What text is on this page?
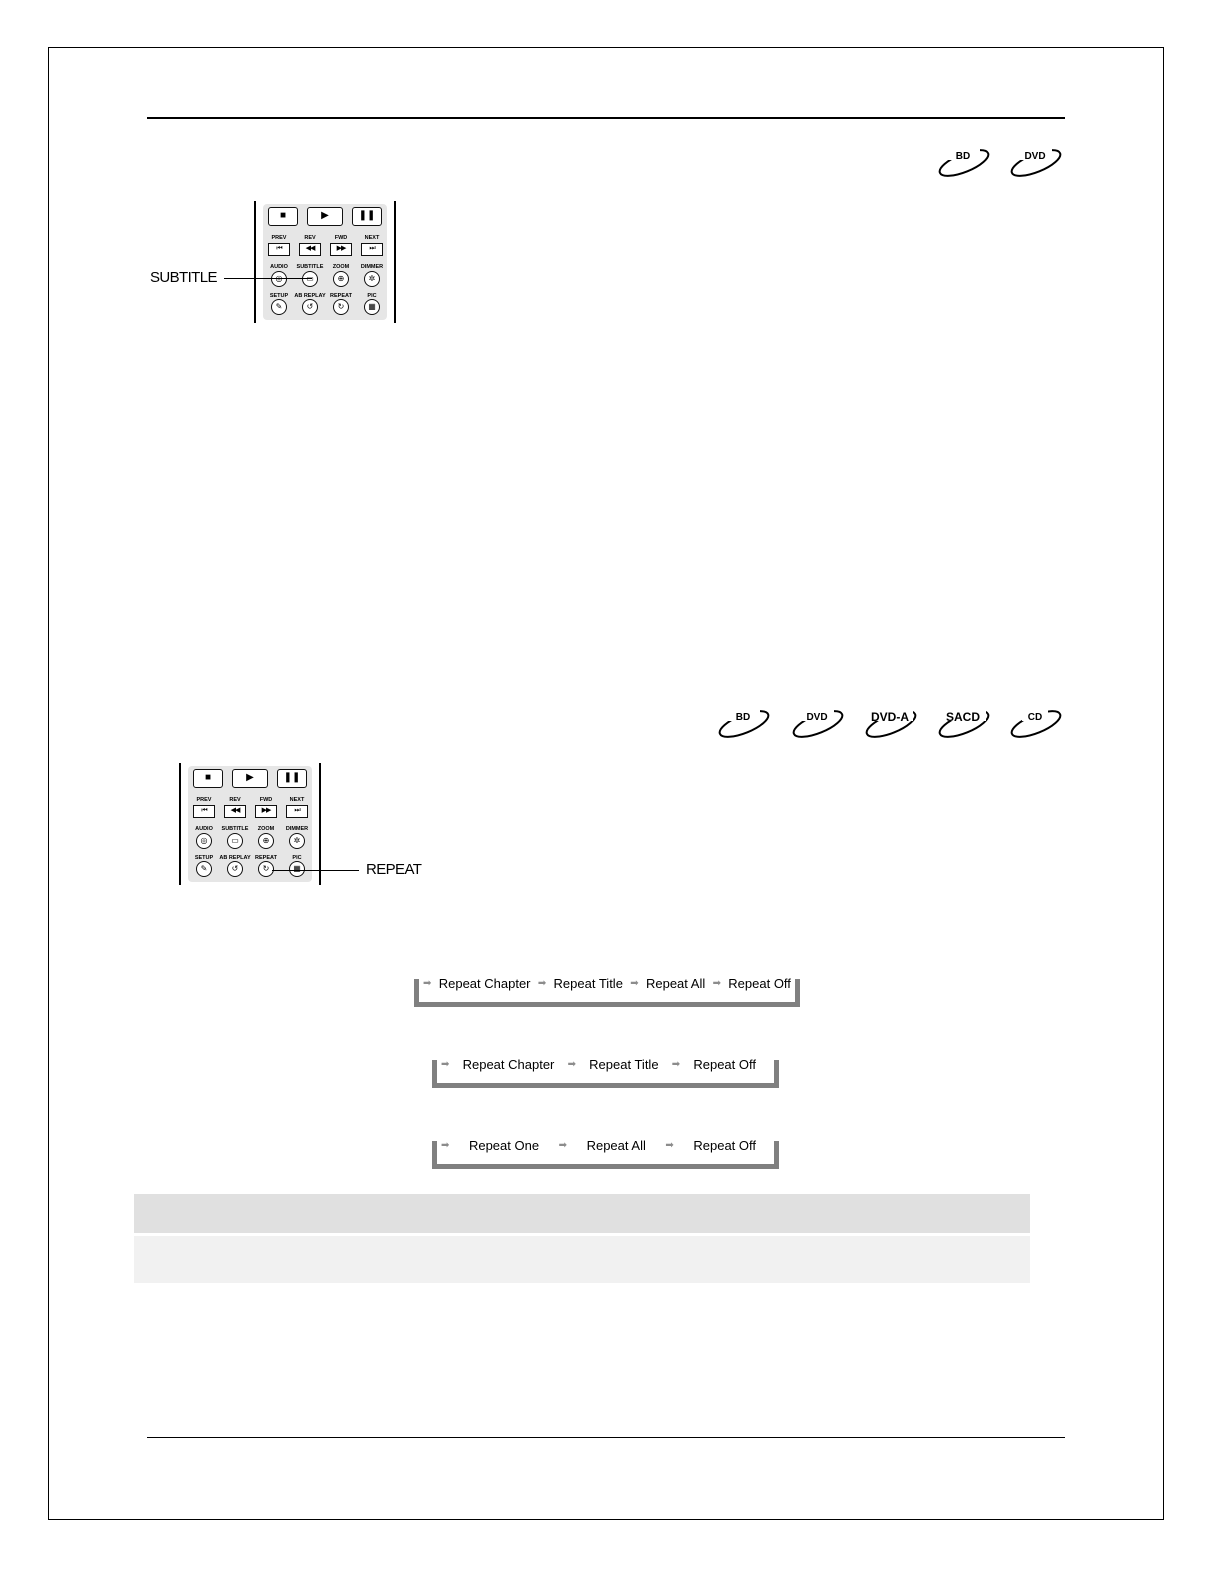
BD	DVD
■	▶	❚❚
PREV	REV	FWD	NEXT
⏮	◀◀	▶▶	⏭
AUDIO	SUBTITLE	ZOOM	DIMMER
◎	▭	⊕	✲
SETUP	AB REPLAY REPEAT	PIC
✎	↺	↻	▦
SUBTITLE
BD	DVD	DVD-A	SACD	CD
■	▶	❚❚
PREV	REV	FWD	NEXT
⏮	◀◀	▶▶	⏭
AUDIO	SUBTITLE	ZOOM	DIMMER
◎	▭	⊕	✲
SETUP	AB REPLAY REPEAT	PIC
✎	↺	↻	▦	REPEAT
➡ Repeat Chapter ➡ Repeat Title ➡ Repeat All ➡ Repeat Off
➡ Repeat Chapter ➡ Repeat Title ➡ Repeat Off
➡ Repeat One ➡ Repeat All ➡ Repeat Off
